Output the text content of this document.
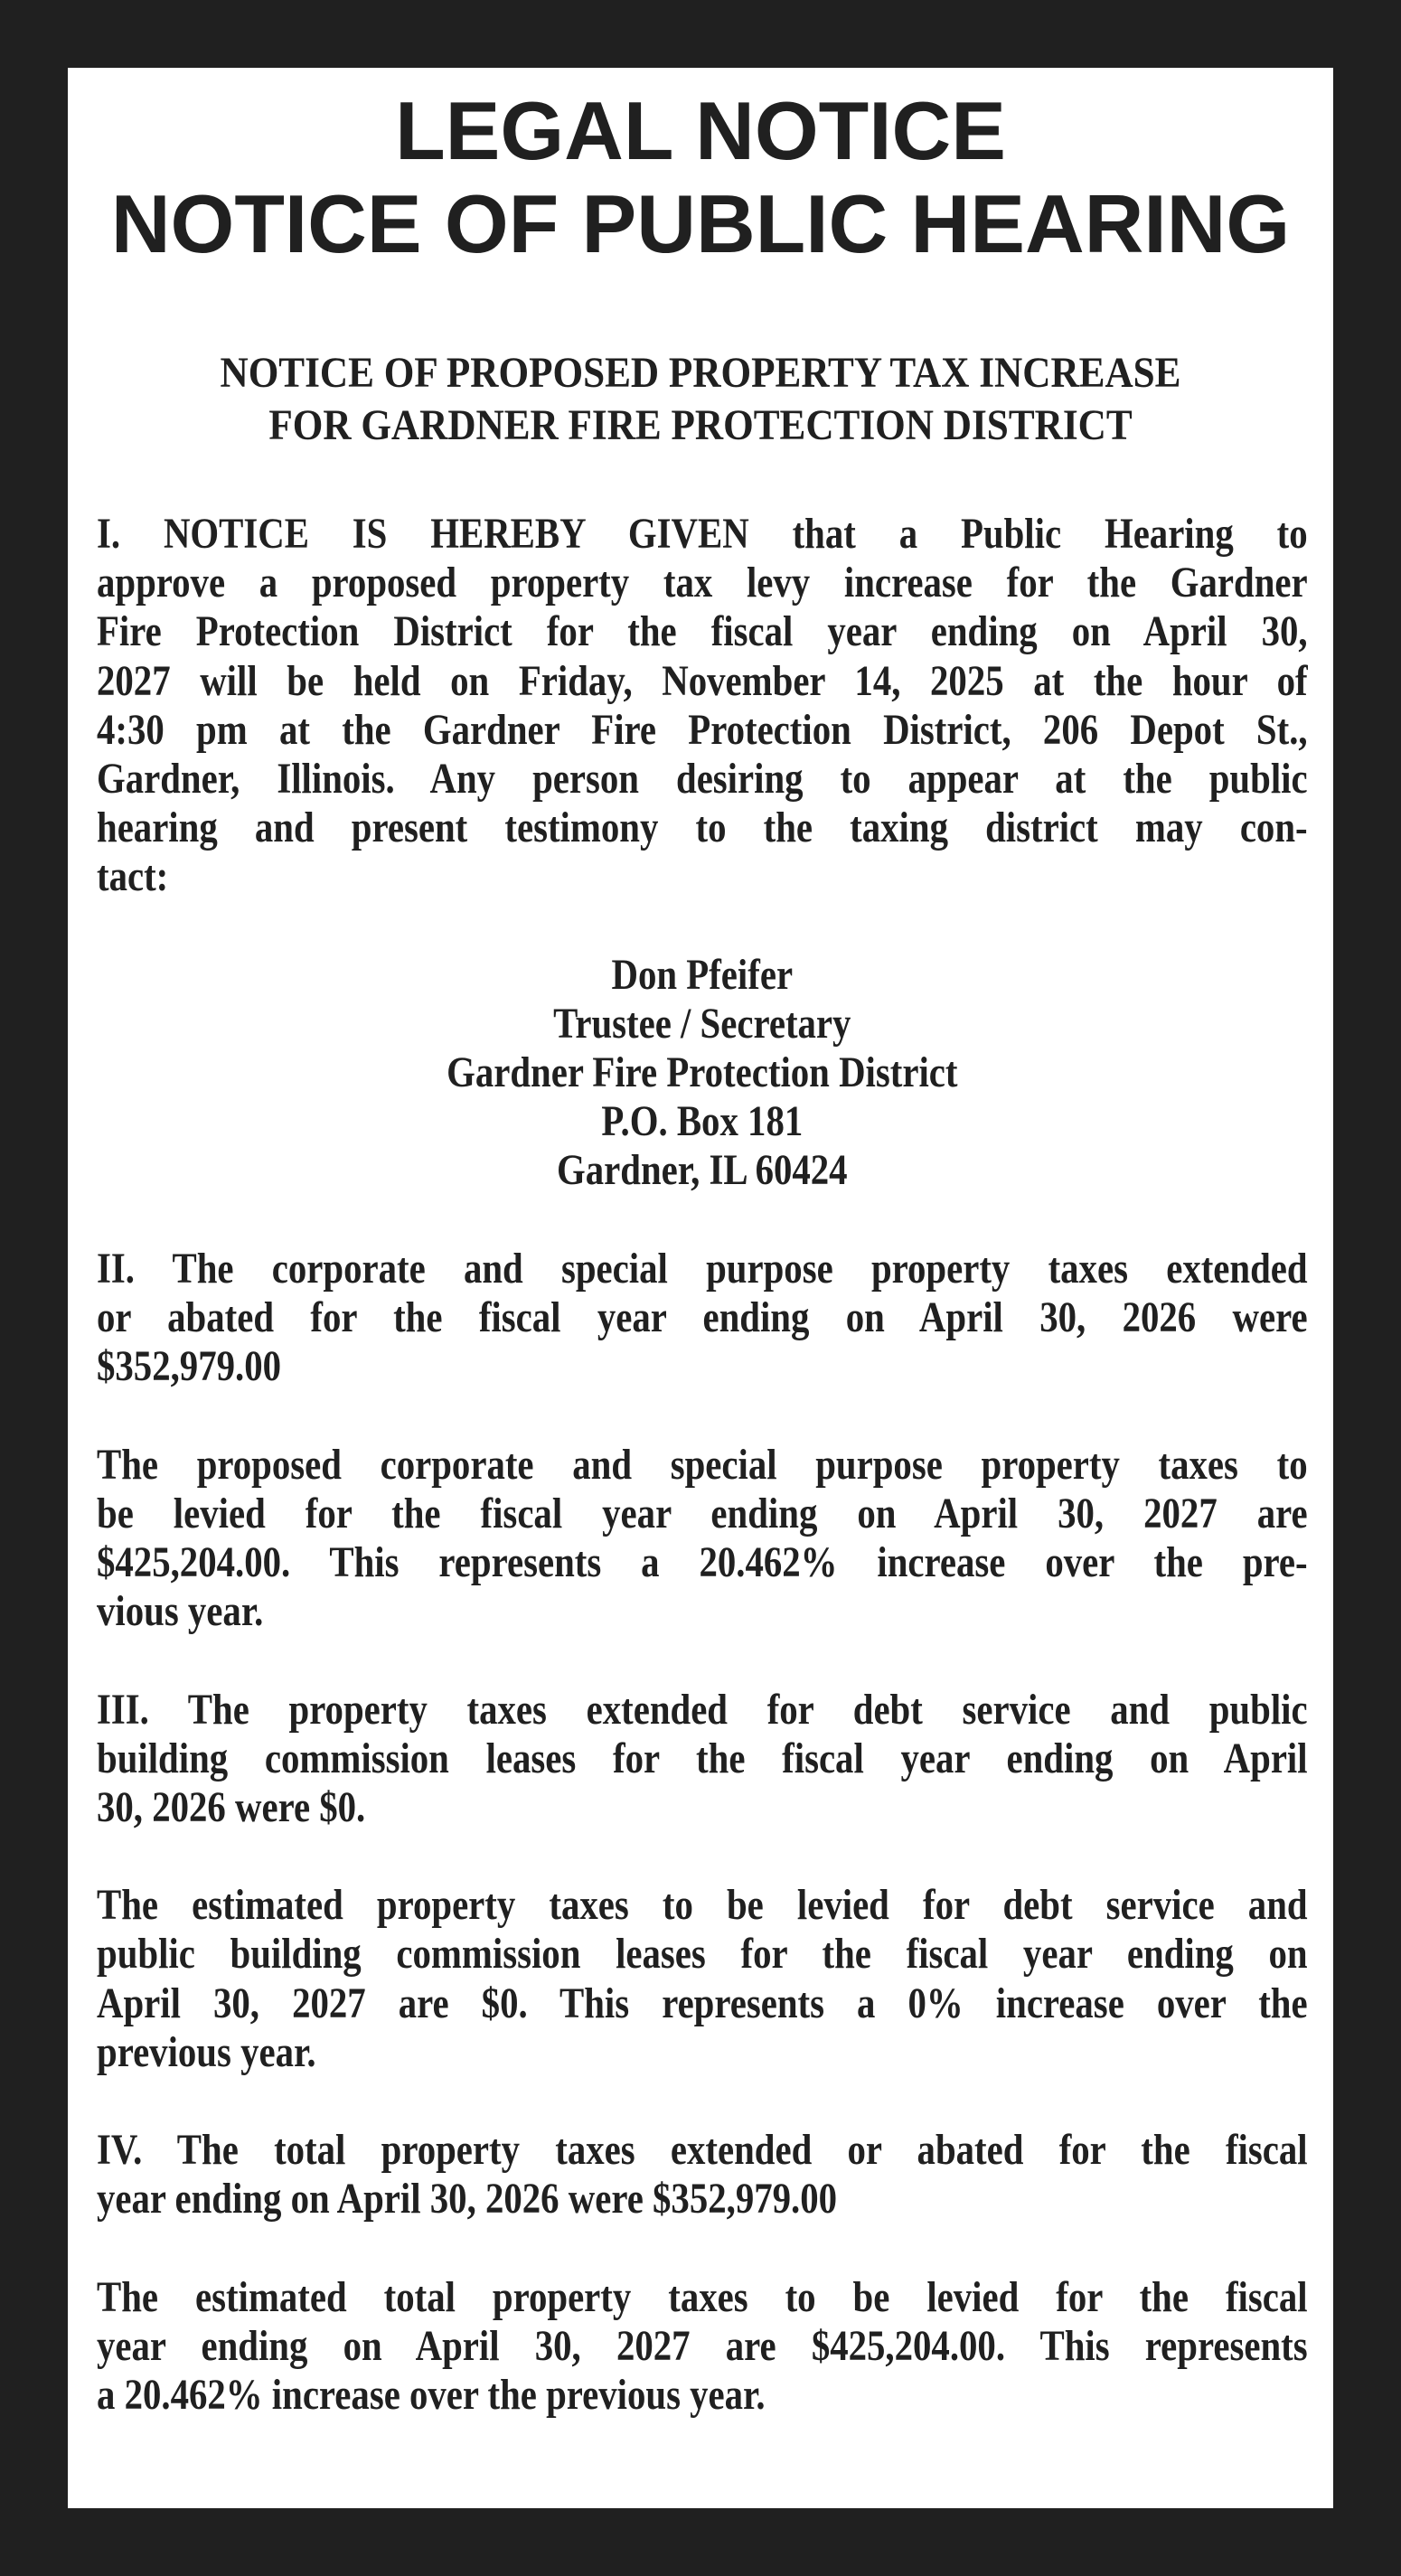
LEGAL NOTICE
NOTICE OF PUBLIC HEARING
NOTICE OF PROPOSED PROPERTY TAX INCREASE
FOR GARDNER FIRE PROTECTION DISTRICT
I. NOTICE IS HEREBY GIVEN that a Public Hearing to
approve a proposed property tax levy increase for the Gardner
Fire Protection District for the fiscal year ending on April 30,
2027 will be held on Friday, November 14, 2025 at the hour of
4:30 pm at the Gardner Fire Protection District, 206 Depot St.,
Gardner, Illinois. Any person desiring to appear at the public
hearing and present testimony to the taxing district may con-
tact:
Don Pfeifer
Trustee / Secretary
Gardner Fire Protection District
P.O. Box 181
Gardner, IL 60424
II. The corporate and special purpose property taxes extended
or abated for the fiscal year ending on April 30, 2026 were
$352,979.00
The proposed corporate and special purpose property taxes to
be levied for the fiscal year ending on April 30, 2027 are
$425,204.00. This represents a 20.462% increase over the pre-
vious year.
III. The property taxes extended for debt service and public
building commission leases for the fiscal year ending on April
30, 2026 were $0.
The estimated property taxes to be levied for debt service and
public building commission leases for the fiscal year ending on
April 30, 2027 are $0. This represents a 0% increase over the
previous year.
IV. The total property taxes extended or abated for the fiscal
year ending on April 30, 2026 were $352,979.00
The estimated total property taxes to be levied for the fiscal
year ending on April 30, 2027 are $425,204.00. This represents
a 20.462% increase over the previous year.
